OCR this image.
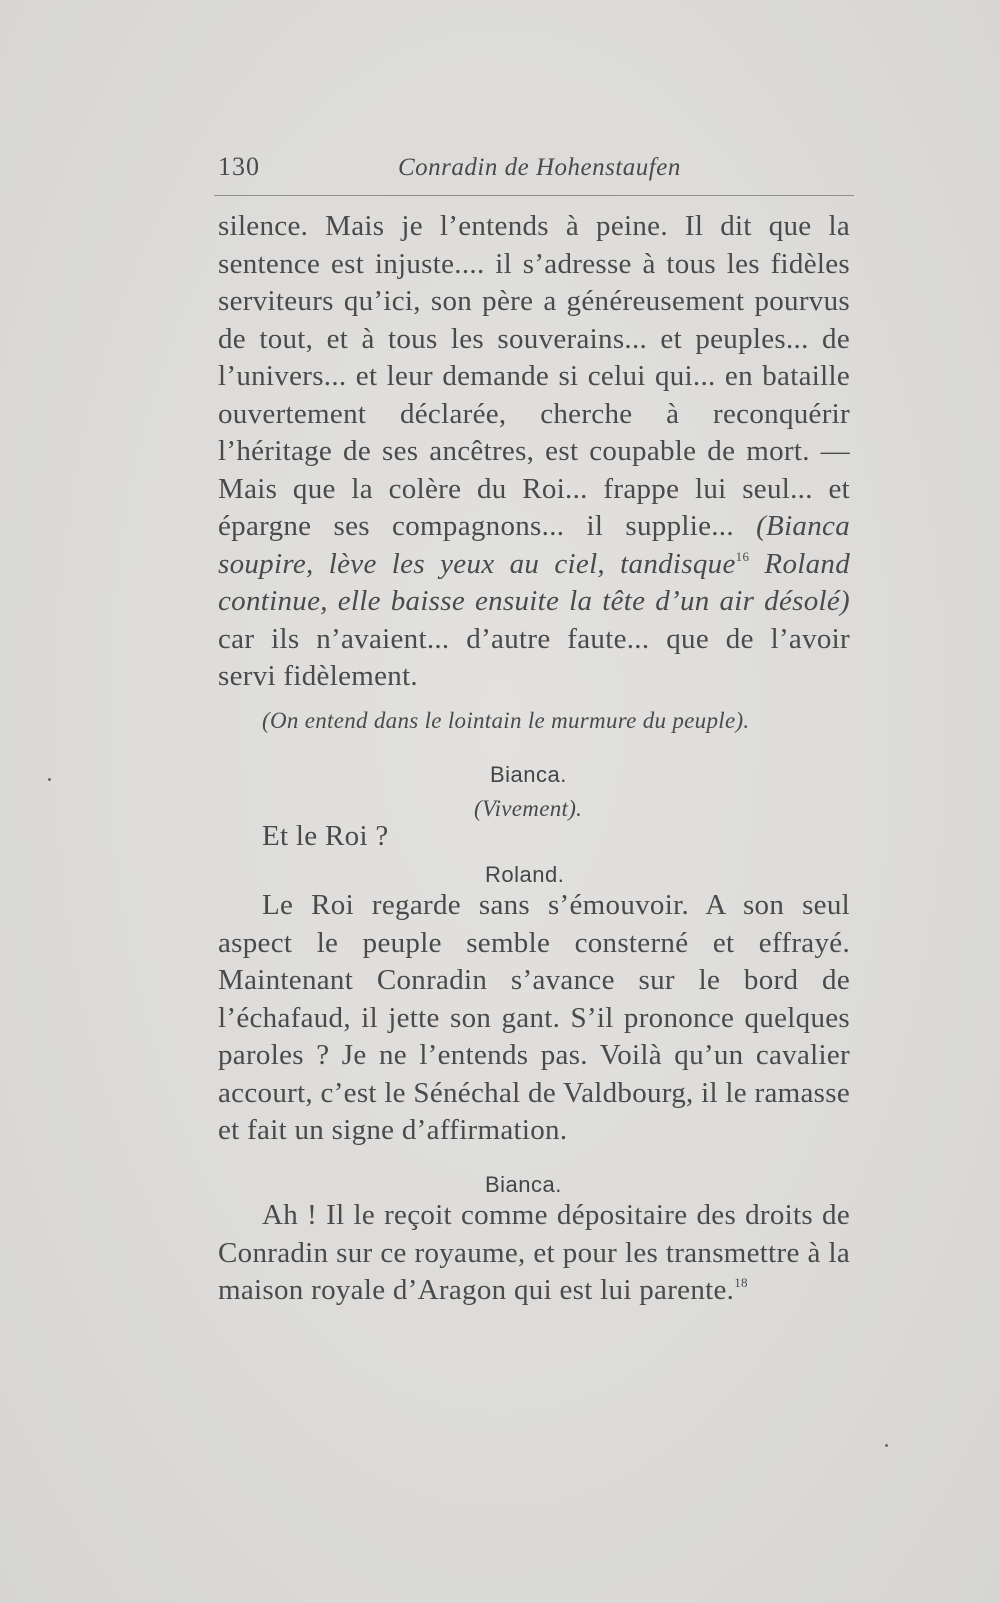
130	Conradin de Hohenstaufen

silence. Mais je l’entends à peine. Il dit que la sentence est injuste.... il s’adresse à tous les fidèles serviteurs qu’ici, son père a généreusement pourvus de tout, et à tous les souverains... et peuples... de l’univers... et leur demande si celui qui... en bataille ouvertement déclarée, cherche à reconquérir l’héritage de ses ancêtres, est coupable de mort. — Mais que la colère du Roi... frappe lui seul... et épargne ses compagnons... il supplie... (Bianca soupire, lève les yeux au ciel, tandisque$^{16}$ Roland continue, elle baisse ensuite la tête d’un air désolé) car ils n’avaient... d’autre faute... que de l’avoir servi fidèlement.

(On entend dans le lointain le murmure du peuple).
Bianca.
(Vivement).
Et le Roi ?
Roland.
Le Roi regarde sans s’émouvoir. A son seul aspect le peuple semble consterné et effrayé. Maintenant Conradin s’avance sur le bord de l’échafaud, il jette son gant. S’il prononce quelques paroles ? Je ne l’entends pas. Voilà qu’un cavalier accourt, c’est le Sénéchal de Valdbourg, il le ramasse et fait un signe d’affirmation.
Bianca.
Ah ! Il le reçoit comme dépositaire des droits de Conradin sur ce royaume, et pour les transmettre à la maison royale d’Aragon qui est lui parente.$^{18}$
